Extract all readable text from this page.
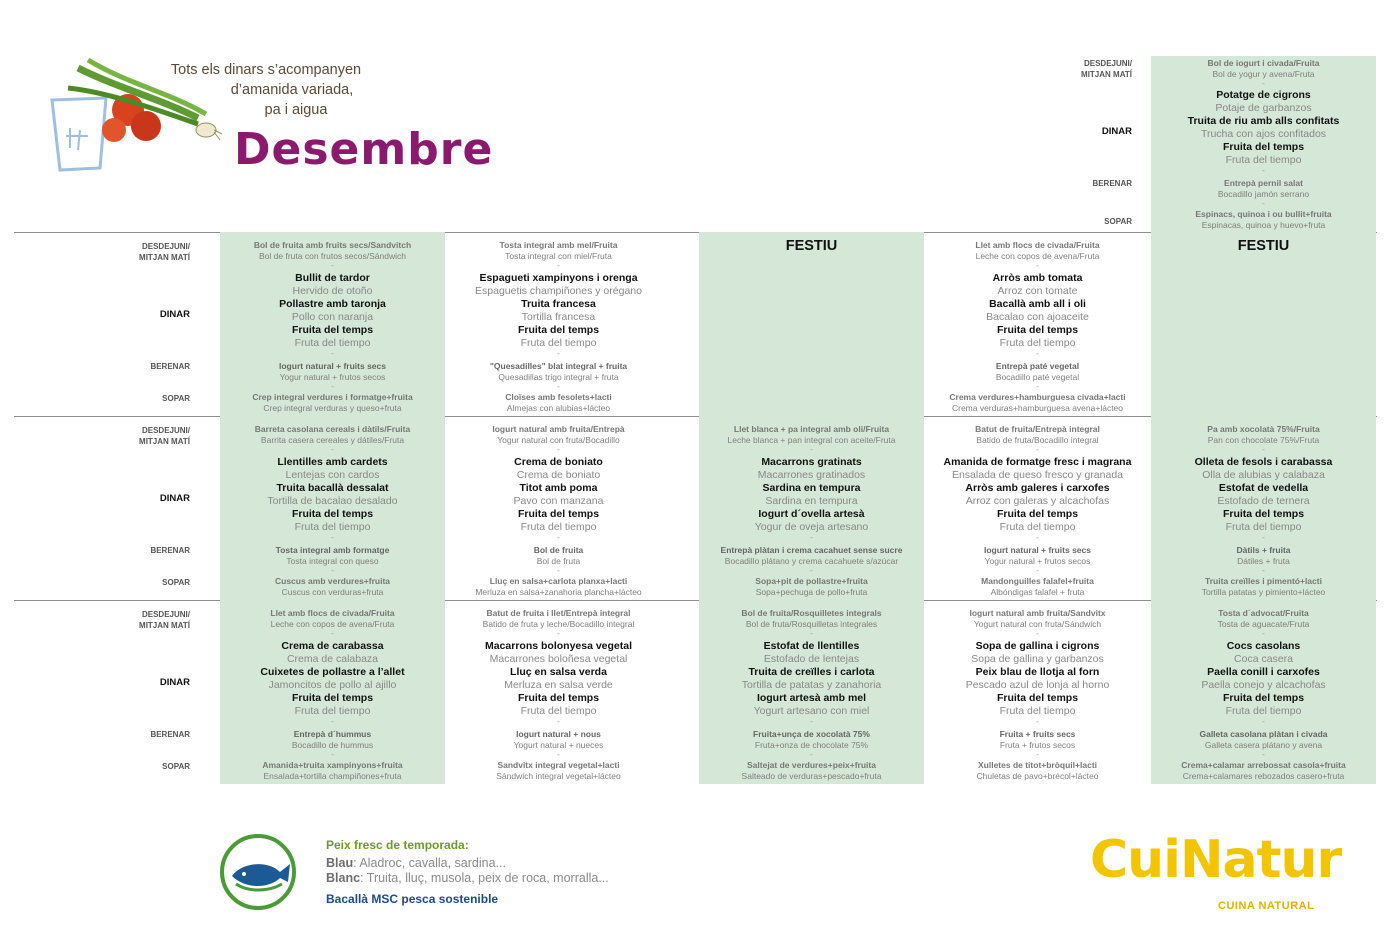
Tots els dinars s’acompanyen
d’amanida variada,
pa i aigua
Desembre
DESDEJUNI/
MITJAN MATÍ
DINAR
BERENAR
SOPAR
Bol de iogurt i civada/Fruita
Bol de yogur y avena/Fruta
-
Potatge de cigrons
Potaje de garbanzos
Truita de riu amb alls confitats
Trucha con ajos confitados
Fruita del temps
Fruta del tiempo
-
Entrepà pernil salat
Bocadillo jamón serrano
-
Espinacs, quinoa i ou bullit+fruita
Espinacas, quinoa y huevo+fruta
DESDEJUNI/
MITJAN MATÍ
DINAR
BERENAR
SOPAR
Bol de fruita amb fruits secs/Sandvitch
Bol de fruta con frutos secos/Sándwich
-
Bullit de tardor
Hervido de otoño
Pollastre amb taronja
Pollo con naranja
Fruita del temps
Fruta del tiempo
-
Iogurt natural + fruits secs
Yogur natural + frutos secos
-
Crep integral verdures i formatge+fruita
Crep integral verduras y queso+fruta
Tosta integral amb mel/Fruita
Tosta integral con miel/Fruta
-
Espagueti xampinyons i orenga
Espaguetis champiñones y orégano
Truita francesa
Tortilla francesa
Fruita del temps
Fruta del tiempo
-
"Quesadilles" blat integral + fruita
Quesadillas trigo integral + fruta
-
Cloïses amb fesolets+lacti
Almejas con alubias+lácteo
FESTIU	Llet amb flocs de civada/Fruita
Leche con copos de avena/Fruta
-
Arròs amb tomata
Arroz con tomate
Bacallà amb all i oli
Bacalao con ajoaceite
Fruita del temps
Fruta del tiempo
-
Entrepà paté vegetal
Bocadillo paté vegetal
-
Crema verdures+hamburguesa civada+lacti
Crema verduras+hamburguesa avena+lácteo
FESTIU
DESDEJUNI/
MITJAN MATÍ
DINAR
BERENAR
SOPAR
Barreta casolana cereals i dàtils/Fruita
Barrita casera cereales y dátiles/Fruta
-
Llentilles amb cardets
Lentejas con cardos
Truita bacallà dessalat
Tortilla de bacalao desalado
Fruita del temps
Fruta del tiempo
-
Tosta integral amb formatge
Tosta integral con queso
-
Cuscus amb verdures+fruita
Cuscus con verduras+fruta
Iogurt natural amb fruita/Entrepà
Yogur natural con fruta/Bocadillo
-
Crema de boniato
Crema de boniato
Titot amb poma
Pavo con manzana
Fruita del temps
Fruta del tiempo
-
Bol de fruita
Bol de fruta
-
Lluç en salsa+carlota planxa+lacti
Merluza en salsa+zanahoria plancha+lácteo
Llet blanca + pa integral amb oli/Fruita
Leche blanca + pan integral con aceite/Fruta
-
Macarrons gratinats
Macarrones gratinados
Sardina en tempura
Sardina en tempura
Iogurt d´ovella artesà
Yogur de oveja artesano
-
Entrepà plàtan i crema cacahuet sense sucre
Bocadillo plátano y crema cacahuete s/azúcar
-
Sopa+pit de pollastre+fruita
Sopa+pechuga de pollo+fruta
Batut de fruita/Entrepà integral
Batido de fruta/Bocadillo integral
-
Amanida de formatge fresc i magrana
Ensalada de queso fresco y granada
Arròs amb galeres i carxofes
Arroz con galeras y alcachofas
Fruita del temps
Fruta del tiempo
-
Iogurt natural + fruits secs
Yogur natural + frutos secos
-
Mandonguilles falafel+fruita
Albóndigas falafel + fruta
Pa amb xocolatà 75%/Fruita
Pan con chocolate 75%/Fruta
-
Olleta de fesols i carabassa
Olla de alubias y calabaza
Estofat de vedella
Estofado de ternera
Fruita del temps
Fruta del tiempo
-
Dàtils + fruita
Dátiles + fruta
-
Truita creïlles i pimentó+lacti
Tortilla patatas y pimiento+lácteo
DESDEJUNI/
MITJAN MATÍ
DINAR
BERENAR
SOPAR
Llet amb flocs de civada/Fruita
Leche con copos de avena/Fruta
-
Crema de carabassa
Crema de calabaza
Cuixetes de pollastre a l’allet
Jamoncitos de pollo al ajillo
Fruita del temps
Fruta del tiempo
-
Entrepà d´hummus
Bocadillo de hummus
-
Amanida+truita xampinyons+fruita
Ensalada+tortilla champiñones+fruta
Batut de fruita i llet/Entrepà integral
Batido de fruta y leche/Bocadillo integral
-
Macarrons bolonyesa vegetal
Macarrones boloñesa vegetal
Lluç en salsa verda
Merluza en salsa verde
Fruita del temps
Fruta del tiempo
-
Iogurt natural + nous
Yogurt natural + nueces
-
Sandvitx integral vegetal+lacti
Sándwich integral vegetal+lácteo
Bol de fruita/Rosquilletes integrals
Bol de fruta/Rosquilletas integrales
-
Estofat de llentilles
Estofado de lentejas
Truita de creïlles i carlota
Tortilla de patatas y zanahoria
Iogurt artesà amb mel
Yogurt artesano con miel
-
Fruita+unça de xocolatà 75%
Fruta+onza de chocolate 75%
-
Saltejat de verdures+peix+fruita
Salteado de verduras+pescado+fruta
Iogurt natural amb fruita/Sandvitx
Yogurt natural con fruta/Sándwich
-
Sopa de gallina i cigrons
Sopa de gallina y garbanzos
Peix blau de llotja al forn
Pescado azul de lonja al horno
Fruita del temps
Fruta del tiempo
-
Fruita + fruits secs
Fruta + frutos secos
-
Xulletes de titot+bròquil+lacti
Chuletas de pavo+brécol+lácteo
Tosta d´advocat/Fruita
Tosta de aguacate/Fruta
-
Cocs casolans
Coca casera
Paella conill i carxofes
Paella conejo y alcachofas
Fruita del temps
Fruta del tiempo
-
Galleta casolana plàtan i civada
Galleta casera plátano y avena
-
Crema+calamar arrebossat casola+fruita
Crema+calamares rebozados casero+fruta
Peix fresc de temporada:
Blau: Aladroc, cavalla, sardina...
Blanc: Truita, lluç, musola, peix de roca, morralla...
Bacallà MSC pesca sostenible
CuiNatur
CUINA NATURAL
